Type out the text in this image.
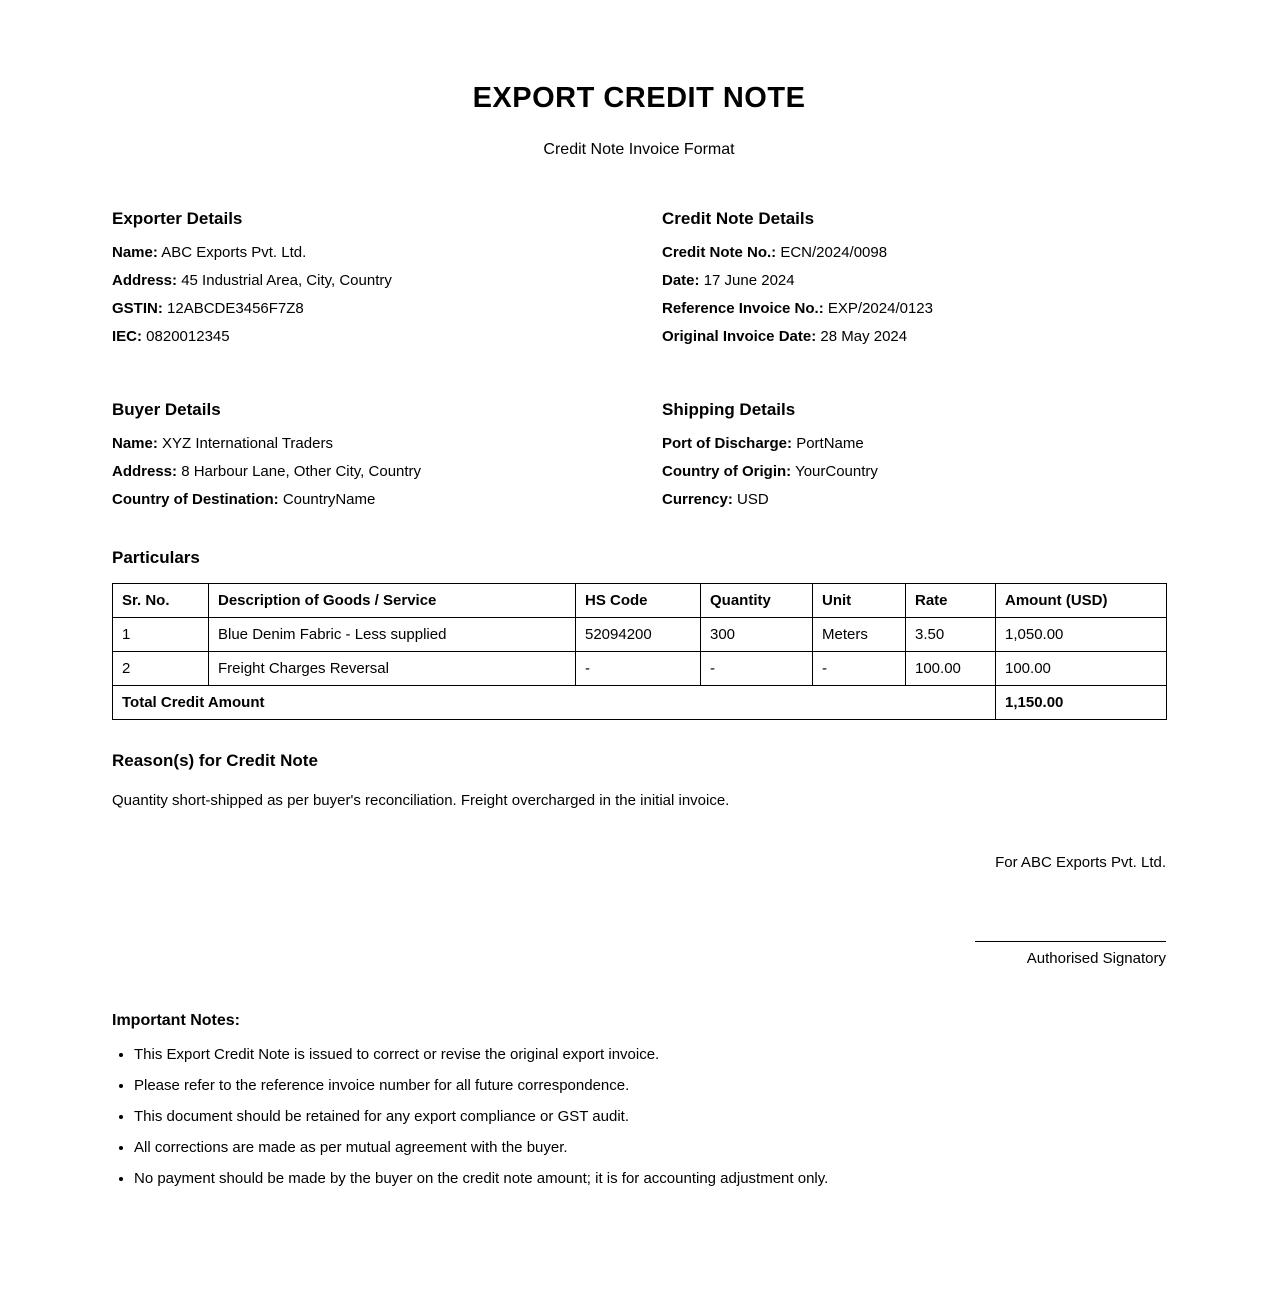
EXPORT CREDIT NOTE

Credit Note Invoice Format

Exporter Details

Name: ABC Exports Pvt. Ltd.

Address: 45 Industrial Area, City, Country

GSTIN: 12ABCDE3456F7Z8

IEC: 0820012345

Credit Note Details

Credit Note No.: ECN/2024/0098

Date: 17 June 2024

Reference Invoice No.: EXP/2024/0123

Original Invoice Date: 28 May 2024

Buyer Details

Name: XYZ International Traders

Address: 8 Harbour Lane, Other City, Country

Country of Destination: CountryName

Shipping Details

Port of Discharge: PortName

Country of Origin: YourCountry

Currency: USD

Particulars
Sr. No.	Description of Goods / Service	HS Code	Quantity	Unit	Rate	Amount (USD)
1	Blue Denim Fabric - Less supplied	52094200	300	Meters	3.50	1,050.00
2	Freight Charges Reversal	-	-	-	100.00	100.00
Total Credit Amount						1,150.00
Reason(s) for Credit Note

Quantity short-shipped as per buyer's reconciliation. Freight overcharged in the initial invoice.

For ABC Exports Pvt. Ltd.

Authorised Signatory

Important Notes:
• This Export Credit Note is issued to correct or revise the original export invoice.
• Please refer to the reference invoice number for all future correspondence.
• This document should be retained for any export compliance or GST audit.
• All corrections are made as per mutual agreement with the buyer.
• No payment should be made by the buyer on the credit note amount; it is for accounting adjustment only.
